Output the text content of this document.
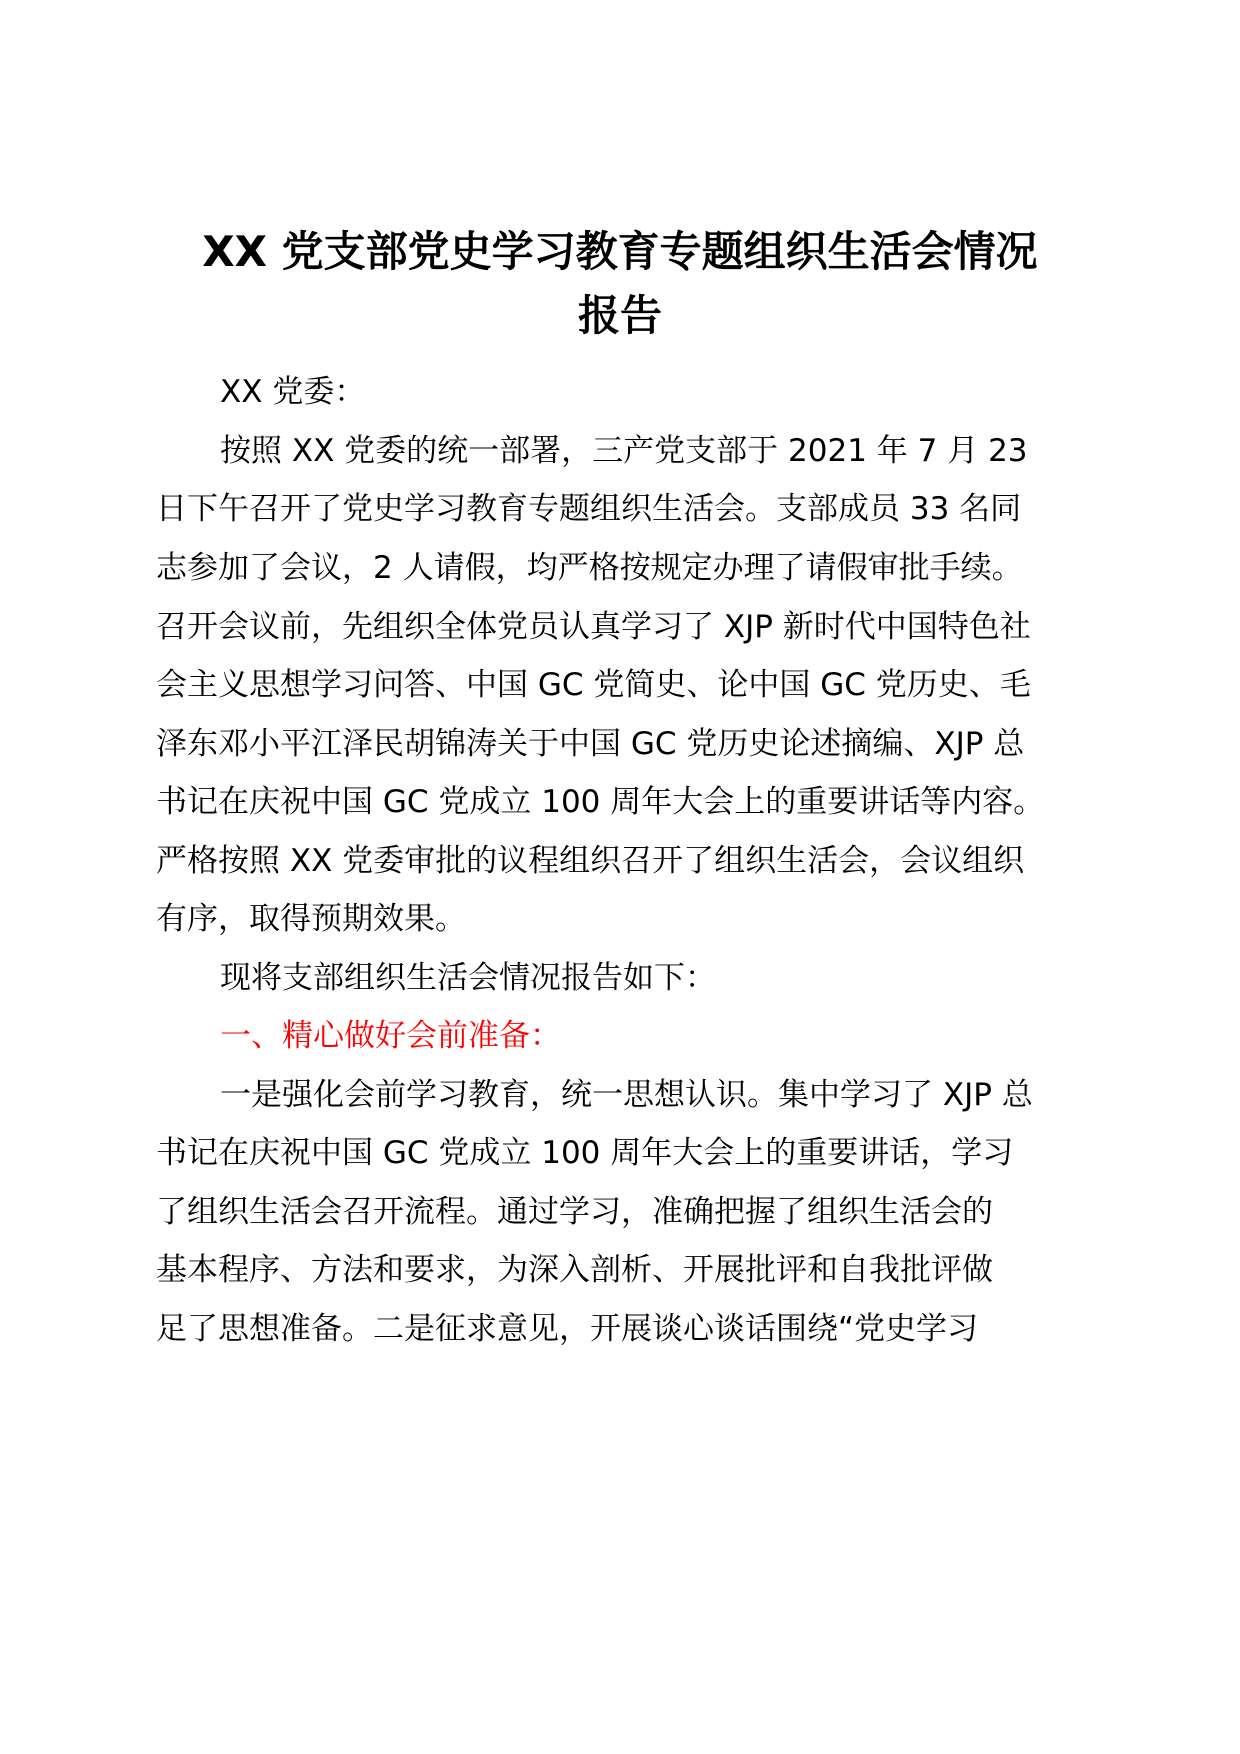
XX 党支部党史学习教育专题组织生活会情况
报告

XX 党委：

按照 XX 党委的统一部署，三产党支部于 2021 年 7 月 23

日下午召开了党史学习教育专题组织生活会。支部成员 33 名同

志参加了会议，2 人请假，均严格按规定办理了请假审批手续。

召开会议前，先组织全体党员认真学习了 XJP 新时代中国特色社

会主义思想学习问答、中国 GC 党简史、论中国 GC 党历史、毛

泽东邓小平江泽民胡锦涛关于中国 GC 党历史论述摘编、XJP 总

书记在庆祝中国 GC 党成立 100 周年大会上的重要讲话等内容。

严格按照 XX 党委审批的议程组织召开了组织生活会，会议组织

有序，取得预期效果。

现将支部组织生活会情况报告如下：

一、精心做好会前准备：

一是强化会前学习教育，统一思想认识。集中学习了 XJP 总

书记在庆祝中国 GC 党成立 100 周年大会上的重要讲话，学习

了组织生活会召开流程。通过学习，准确把握了组织生活会的

基本程序、方法和要求，为深入剖析、开展批评和自我批评做

足了思想准备。二是征求意见，开展谈心谈话围绕“党史学习
